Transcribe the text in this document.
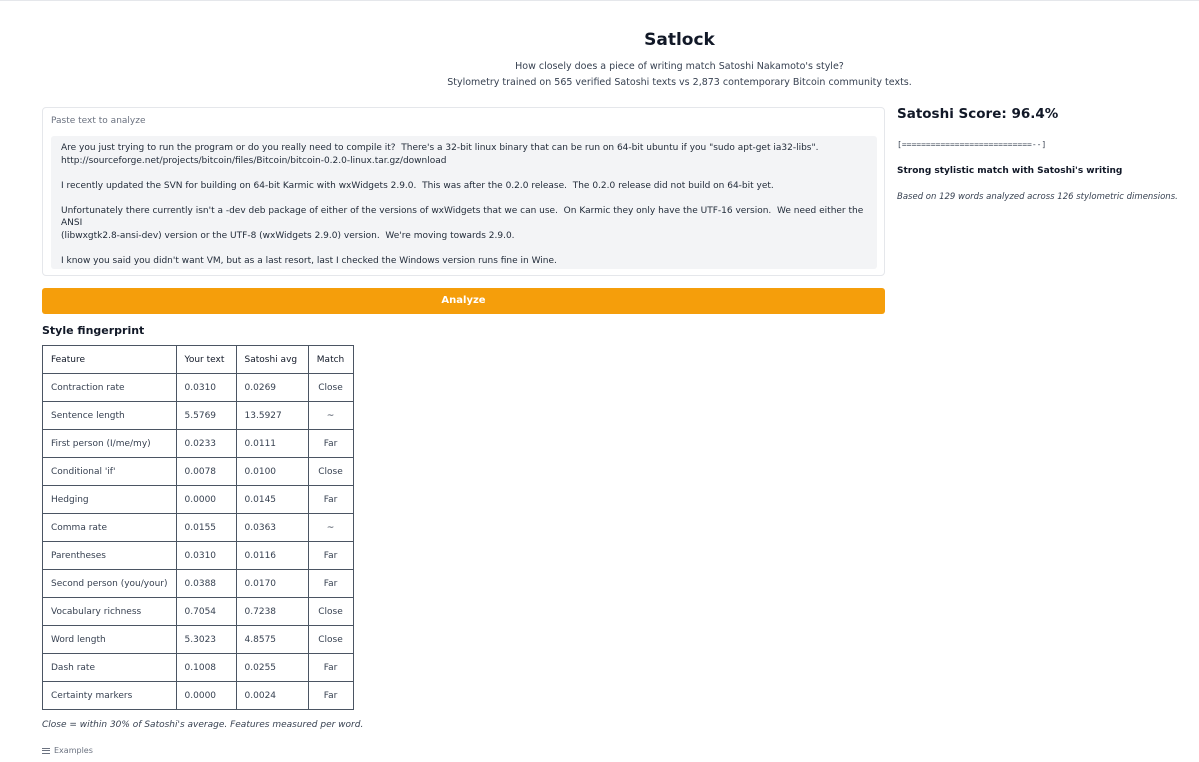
Satlock
How closely does a piece of writing match Satoshi Nakamoto's style?
Stylometry trained on 565 verified Satoshi texts vs 2,873 contemporary Bitcoin community texts.
Paste text to analyze

Are you just trying to run the program or do you really need to compile it?  There's a 32-bit linux binary that can be run on 64-bit ubuntu if you "sudo apt-get ia32-libs".
http://sourceforge.net/projects/bitcoin/files/Bitcoin/bitcoin-0.2.0-linux.tar.gz/download

I recently updated the SVN for building on 64-bit Karmic with wxWidgets 2.9.0.  This was after the 0.2.0 release.  The 0.2.0 release did not build on 64-bit yet.

Unfortunately there currently isn't a -dev deb package of either of the versions of wxWidgets that we can use.  On Karmic they only have the UTF-16 version.  We need either the ANSI
(libwxgtk2.8-ansi-dev) version or the UTF-8 (wxWidgets 2.9.0) version.  We're moving towards 2.9.0.

I know you said you didn't want VM, but as a last resort, last I checked the Windows version runs fine in Wine.

Analyze
Satoshi Score: 96.4%
[===========================--]
Strong stylistic match with Satoshi's writing
Based on 129 words analyzed across 126 stylometric dimensions.
Style fingerprint
Feature	Your text	Satoshi avg	Match
Contraction rate	0.0310	0.0269	Close
Sentence length	5.5769	13.5927	~
First person (I/me/my)	0.0233	0.0111	Far
Conditional 'if'	0.0078	0.0100	Close
Hedging	0.0000	0.0145	Far
Comma rate	0.0155	0.0363	~
Parentheses	0.0310	0.0116	Far
Second person (you/your)	0.0388	0.0170	Far
Vocabulary richness	0.7054	0.7238	Close
Word length	5.3023	4.8575	Close
Dash rate	0.1008	0.0255	Far
Certainty markers	0.0000	0.0024	Far
Close = within 30% of Satoshi's average. Features measured per word.
Examples
